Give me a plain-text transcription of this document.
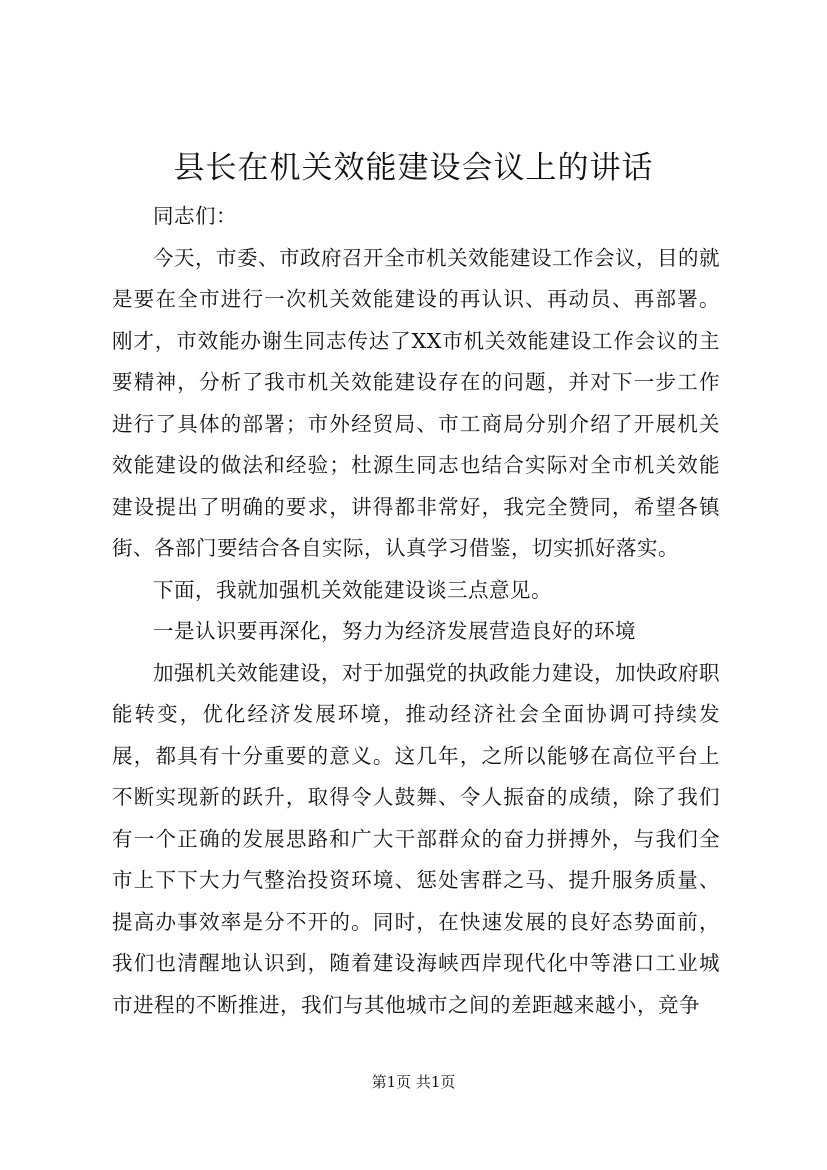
县长在机关效能建设会议上的讲话

同志们：

今天，市委、市政府召开全市机关效能建设工作会议，目的就是要在全市进行一次机关效能建设的再认识、再动员、再部署。刚才，市效能办谢生同志传达了XX市机关效能建设工作会议的主要精神，分析了我市机关效能建设存在的问题，并对下一步工作进行了具体的部署；市外经贸局、市工商局分别介绍了开展机关效能建设的做法和经验；杜源生同志也结合实际对全市机关效能建设提出了明确的要求，讲得都非常好，我完全赞同，希望各镇街、各部门要结合各自实际，认真学习借鉴，切实抓好落实。

下面，我就加强机关效能建设谈三点意见。

一是认识要再深化，努力为经济发展营造良好的环境

加强机关效能建设，对于加强党的执政能力建设，加快政府职能转变，优化经济发展环境，推动经济社会全面协调可持续发展，都具有十分重要的意义。这几年，之所以能够在高位平台上不断实现新的跃升，取得令人鼓舞、令人振奋的成绩，除了我们有一个正确的发展思路和广大干部群众的奋力拼搏外，与我们全市上下下大力气整治投资环境、惩处害群之马、提升服务质量、提高办事效率是分不开的。同时，在快速发展的良好态势面前，我们也清醒地认识到，随着建设海峡西岸现代化中等港口工业城市进程的不断推进，我们与其他城市之间的差距越来越小，竞争

第1页 共1页
